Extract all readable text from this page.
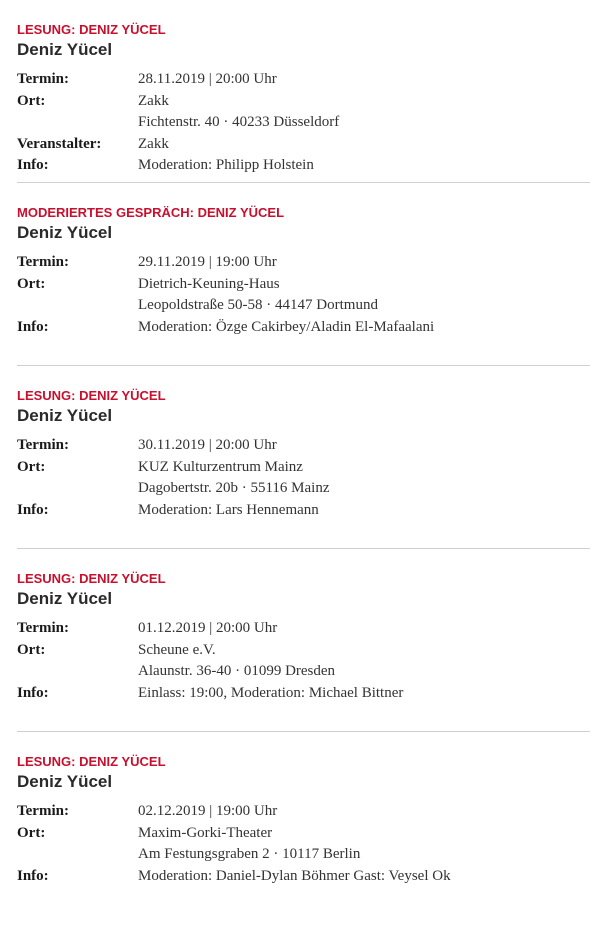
LESUNG: DENIZ YÜCEL

Deniz Yücel
Termin:	28.11.2019 | 20:00 Uhr
Ort:	Zakk
Fichtenstr. 40 · 40233 Düsseldorf
Veranstalter:	Zakk
Info:	Moderation: Philipp Holstein

MODERIERTES GESPRÄCH: DENIZ YÜCEL

Deniz Yücel
Termin:	29.11.2019 | 19:00 Uhr
Ort:	Dietrich-Keuning-Haus
Leopoldstraße 50-58 · 44147 Dortmund
Info:	Moderation: Özge Cakirbey/Aladin El-Mafaalani

LESUNG: DENIZ YÜCEL

Deniz Yücel
Termin:	30.11.2019 | 20:00 Uhr
Ort:	KUZ Kulturzentrum Mainz
Dagobertstr. 20b · 55116 Mainz
Info:	Moderation: Lars Hennemann

LESUNG: DENIZ YÜCEL

Deniz Yücel
Termin:	01.12.2019 | 20:00 Uhr
Ort:	Scheune e.V.
Alaunstr. 36-40 · 01099 Dresden
Info:	Einlass: 19:00, Moderation: Michael Bittner

LESUNG: DENIZ YÜCEL

Deniz Yücel
Termin:	02.12.2019 | 19:00 Uhr
Ort:	Maxim-Gorki-Theater
Am Festungsgraben 2 · 10117 Berlin
Info:	Moderation: Daniel-Dylan Böhmer Gast: Veysel Ok
